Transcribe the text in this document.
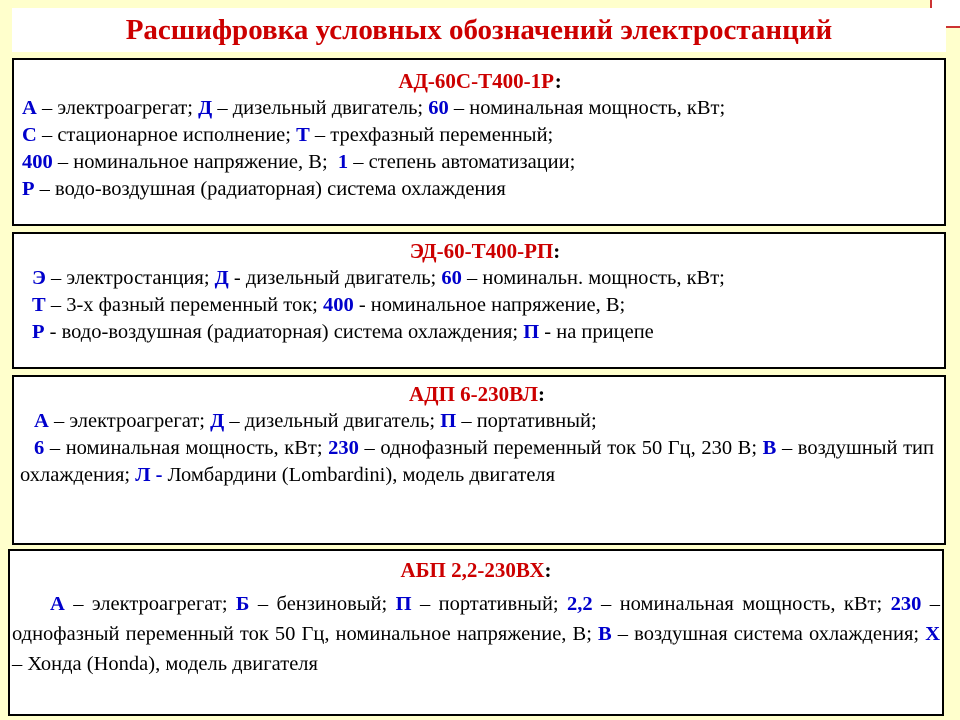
Расшифровка условных обозначений электростанций
АД-60С-Т400-1Р:
А – электроагрегат; Д – дизельный двигатель; 60 – номинальная мощность, кВт;
С – стационарное исполнение; Т – трехфазный переменный;
400 – номинальное напряжение, В;  1 – степень автоматизации;
Р – водо-воздушная (радиаторная) система охлаждения
ЭД-60-Т400-РП:
Э – электростанция; Д - дизельный двигатель; 60 – номинальн. мощность, кВт;
Т – 3-х фазный переменный ток; 400 - номинальное напряжение, В;
Р - водо-воздушная (радиаторная) система охлаждения; П - на прицепе
АДП 6-230ВЛ:
А – электроагрегат; Д – дизельный двигатель; П – портативный;
6 – номинальная мощность, кВт; 230 – однофазный переменный ток 50 Гц, 230 В; В – воздушный тип охлаждения; Л - Ломбардини (Lombardini), модель двигателя
АБП 2,2-230ВХ:
А – электроагрегат; Б – бензиновый; П – портативный; 2,2 – номинальная мощность, кВт; 230 – однофазный переменный ток 50 Гц, номинальное напряжение, В; В – воздушная система охлаждения; Х – Хонда (Honda), модель двигателя
